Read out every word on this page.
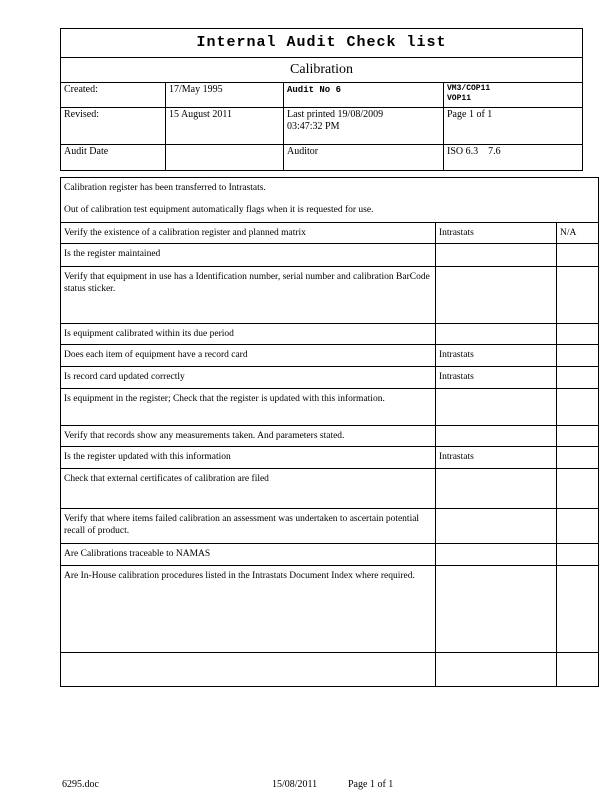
Internal Audit Check list			
Calibration			
Created:	17/May 1995	Audit No 6	VM3/COP11
VOP11

Revised:	15 August 2011	Last printed 19/08/2009
03:47:32 PM	Page 1 of 1
Audit Date		Auditor	ISO 6.3    7.6
Calibration register has been transferred to Intrastats.		
Out of calibration test equipment automatically flags when it is requested for use.		
Verify the existence of a calibration register and planned matrix	Intrastats	N/A
Is the register maintained		
Verify that equipment in use has a Identification number, serial number and calibration BarCode status sticker.		
Is equipment calibrated within its due period		
Does each item of equipment have a record card	Intrastats	
Is record card updated correctly	Intrastats	
Is equipment in the register; Check that the register is updated with this information.		
Verify that records show any measurements taken. And parameters stated.		
Is the register updated with this information	Intrastats	
Check that external certificates of calibration are filed		
Verify that where items failed calibration an assessment was undertaken to ascertain potential recall of product.		
Are Calibrations traceable to NAMAS		
Are In-House calibration procedures listed in the Intrastats Document Index where required.		

6295.doc	15/08/2011	Page 1 of 1
